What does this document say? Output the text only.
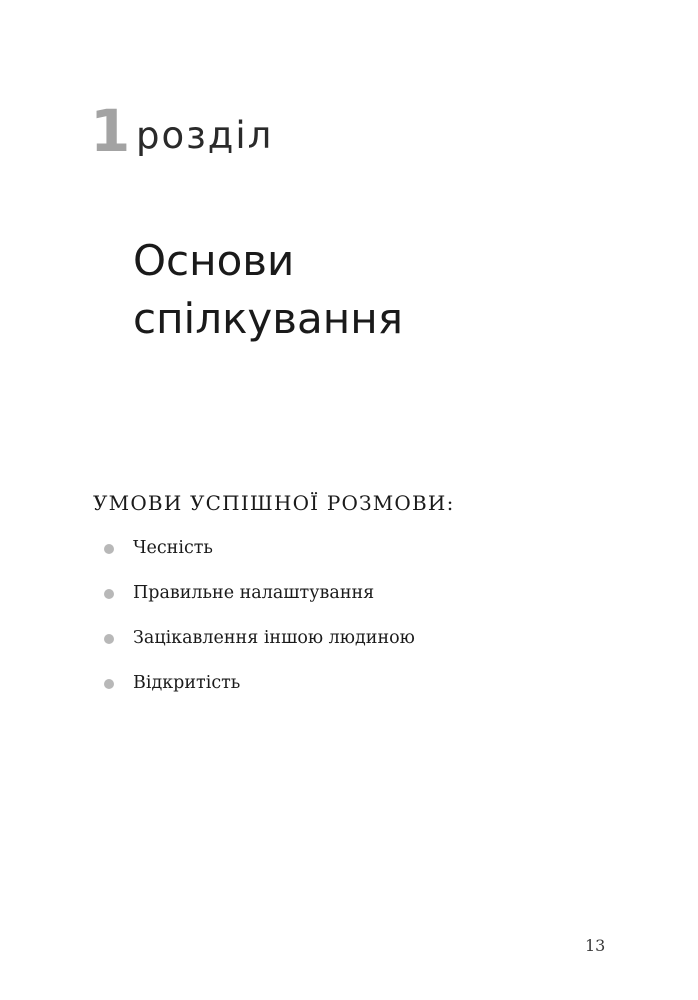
1 розділ
Основи
спілкування
УМОВИ УСПІШНОЇ РОЗМОВИ:
Чесність
Правильне налаштування
Зацікавлення іншою людиною
Відкритість
13
